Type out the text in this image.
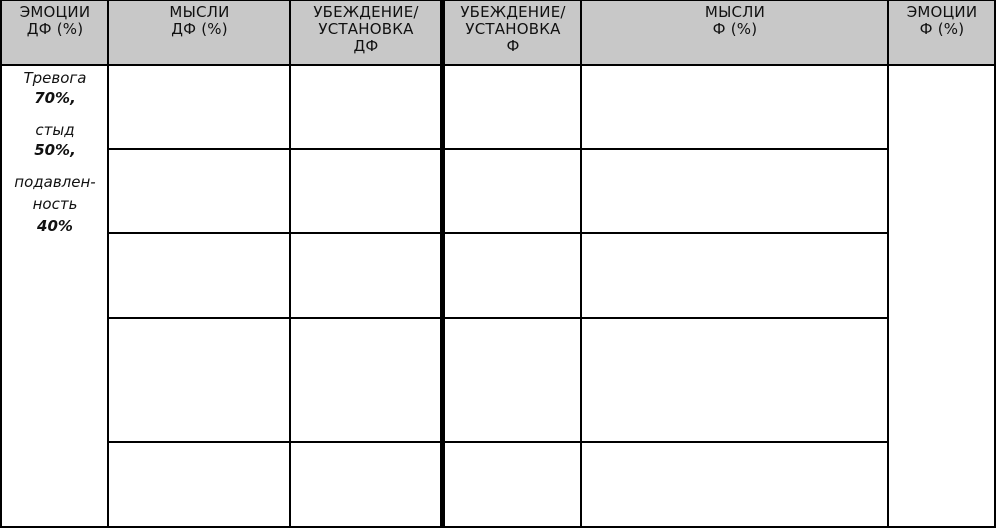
ЭМОЦИИ
ДФ (%)
МЫСЛИ
ДФ (%)
УБЕЖДЕНИЕ/
УСТАНОВКА
ДФ
УБЕЖДЕНИЕ/
УСТАНОВКА
Ф
МЫСЛИ
Ф (%)
ЭМОЦИИ
Ф (%)
Тревога
70%,
стыд
50%,
подавлен-
ность
40%
